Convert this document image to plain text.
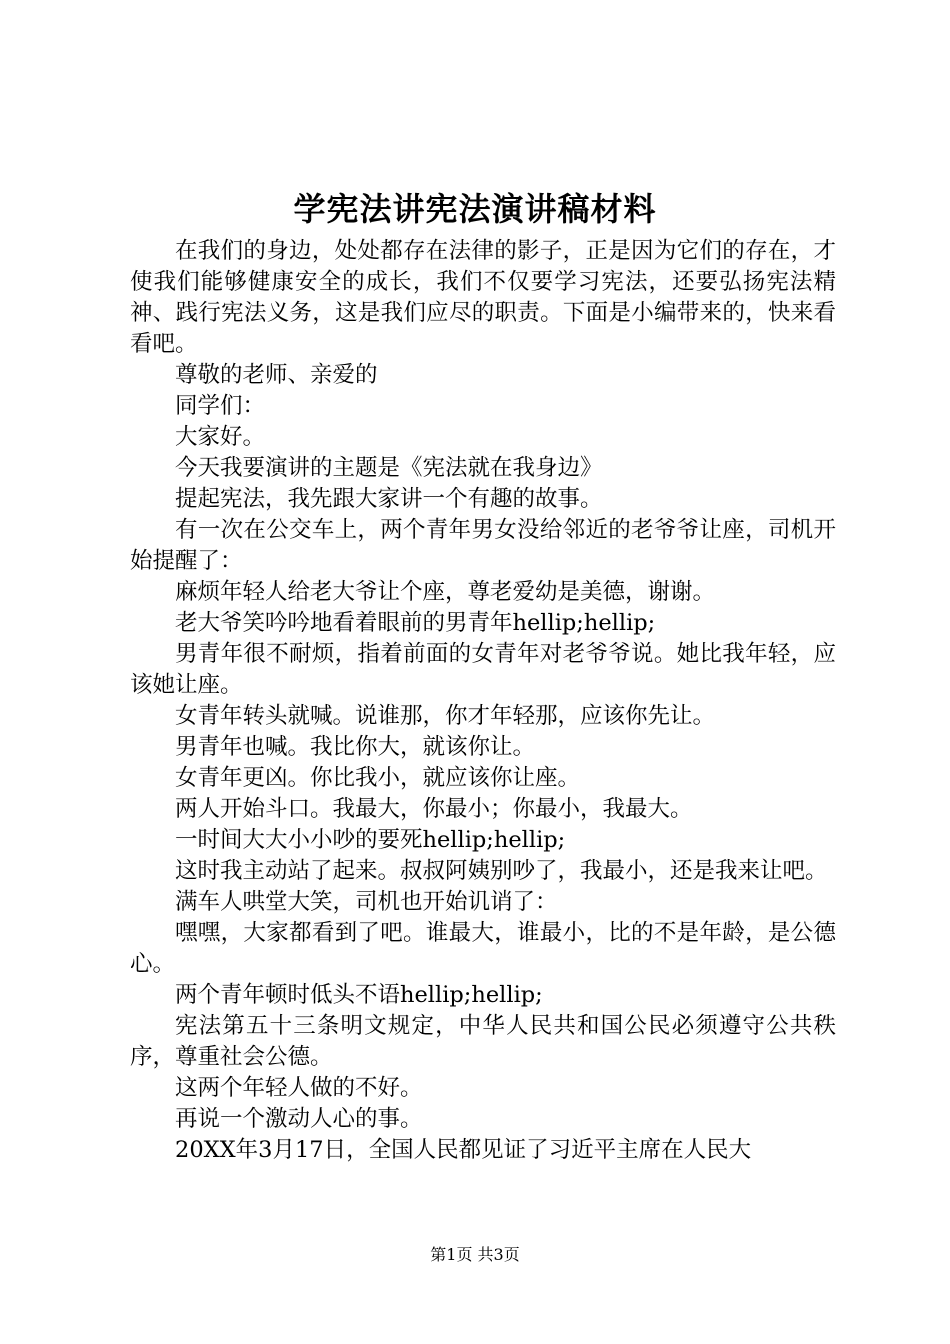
学宪法讲宪法演讲稿材料

在我们的身边，处处都存在法律的影子，正是因为它们的存在，才使我们能够健康安全的成长，我们不仅要学习宪法，还要弘扬宪法精神、践行宪法义务，这是我们应尽的职责。下面是小编带来的，快来看看吧。

尊敬的老师、亲爱的

同学们：

大家好。

今天我要演讲的主题是《宪法就在我身边》

提起宪法，我先跟大家讲一个有趣的故事。

有一次在公交车上，两个青年男女没给邻近的老爷爷让座，司机开始提醒了：

麻烦年轻人给老大爷让个座，尊老爱幼是美德，谢谢。

老大爷笑吟吟地看着眼前的男青年hellip;hellip;

男青年很不耐烦，指着前面的女青年对老爷爷说。她比我年轻，应该她让座。

女青年转头就喊。说谁那，你才年轻那，应该你先让。

男青年也喊。我比你大，就该你让。

女青年更凶。你比我小，就应该你让座。

两人开始斗口。我最大，你最小；你最小，我最大。

一时间大大小小吵的要死hellip;hellip;

这时我主动站了起来。叔叔阿姨别吵了，我最小，还是我来让吧。

满车人哄堂大笑，司机也开始讥诮了：

嘿嘿，大家都看到了吧。谁最大，谁最小，比的不是年龄，是公德心。

两个青年顿时低头不语hellip;hellip;

宪法第五十三条明文规定，中华人民共和国公民必须遵守公共秩序，尊重社会公德。

这两个年轻人做的不好。

再说一个激动人心的事。

20XX年3月17日，全国人民都见证了习近平主席在人民大

第1页 共3页
